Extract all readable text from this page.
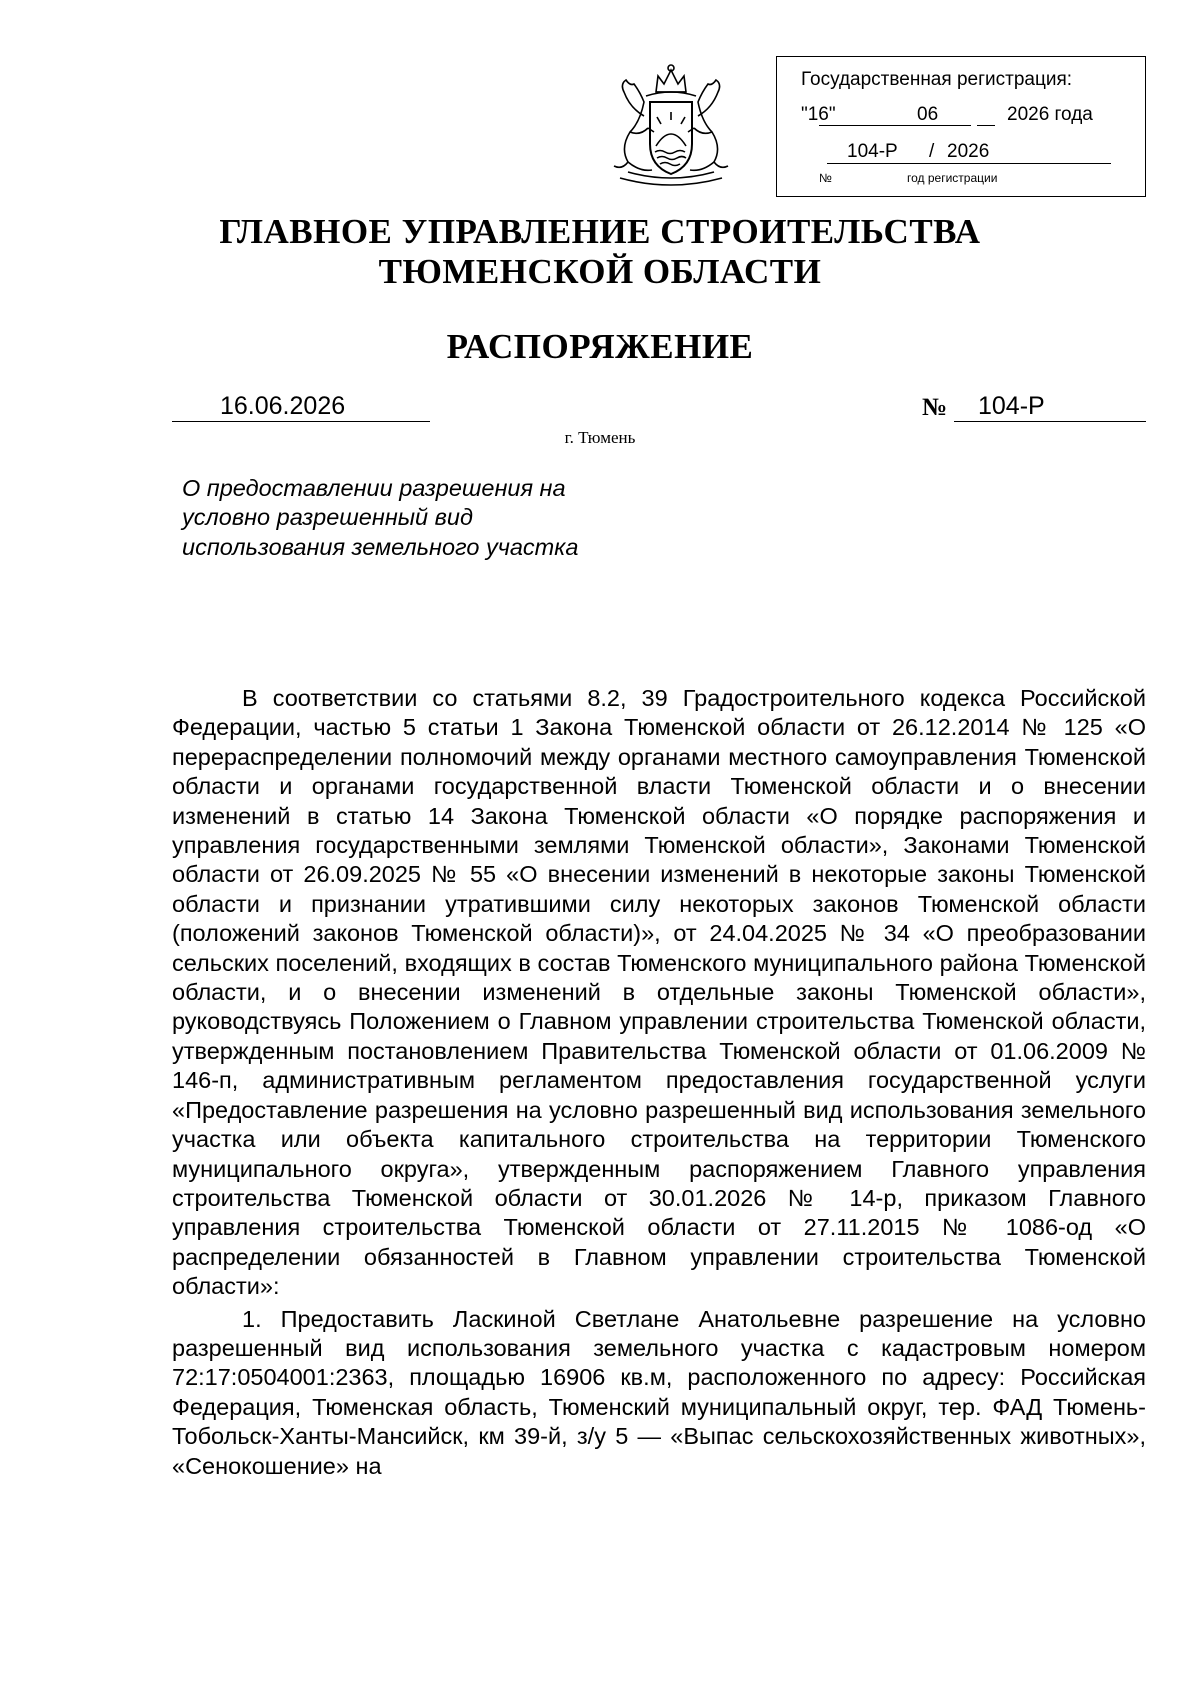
Государственная регистрация:
"16"	06	2026 года
104-Р / 2026
№	год регистрации
ГЛАВНОЕ УПРАВЛЕНИЕ СТРОИТЕЛЬСТВА
ТЮМЕНСКОЙ ОБЛАСТИ
РАСПОРЯЖЕНИЕ
16.06.2026	№ 104-Р
г. Тюмень
О предоставлении разрешения на условно разрешенный вид использования земельного участка

В соответствии со статьями 8.2, 39 Градостроительного кодекса Российской Федерации, частью 5 статьи 1 Закона Тюменской области от 26.12.2014 № 125 «О перераспределении полномочий между органами местного самоуправления Тюменской области и органами государственной власти Тюменской области и о внесении изменений в статью 14 Закона Тюменской области «О порядке распоряжения и управления государственными землями Тюменской области», Законами Тюменской области от 26.09.2025 № 55 «О внесении изменений в некоторые законы Тюменской области и признании утратившими силу некоторых законов Тюменской области (положений законов Тюменской области)», от 24.04.2025 № 34 «О преобразовании сельских поселений, входящих в состав Тюменского муниципального района Тюменской области, и о внесении изменений в отдельные законы Тюменской области», руководствуясь Положением о Главном управлении строительства Тюменской области, утвержденным постановлением Правительства Тюменской области от 01.06.2009 № 146-п, административным регламентом предоставления государственной услуги «Предоставление разрешения на условно разрешенный вид использования земельного участка или объекта капитального строительства на территории Тюменского муниципального округа», утвержденным распоряжением Главного управления строительства Тюменской области от 30.01.2026 № 14-р, приказом Главного управления строительства Тюменской области от 27.11.2015 № 1086-од «О распределении обязанностей в Главном управлении строительства Тюменской области»:

1. Предоставить Ласкиной Светлане Анатольевне разрешение на условно разрешенный вид использования земельного участка с кадастровым номером 72:17:0504001:2363, площадью 16906 кв.м, расположенного по адресу: Российская Федерация, Тюменская область, Тюменский муниципальный округ, тер. ФАД Тюмень-Тобольск-Ханты-Мансийск, км 39-й, з/у 5 — «Выпас сельскохозяйственных животных», «Сенокошение» на
